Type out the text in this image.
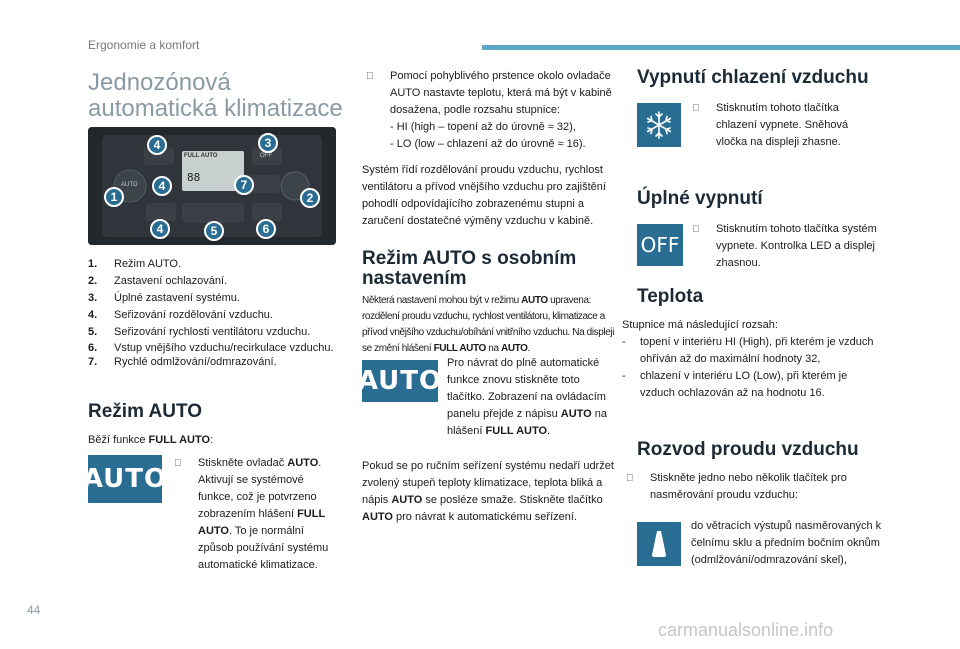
Ergonomie a komfort
Jednozónová automatická klimatizace
FULL AUTO
88
AUTO
OFF
4	3
4	7
1	2
4	5	6
1.	Režim AUTO.
2.	Zastavení ochlazování.
3.	Úplné zastavení systému.
4.	Seřizování rozdělování vzduchu.
5.	Seřizování rychlosti ventilátoru vzduchu.
6.	Vstup vnějšího vzduchu/recirkulace vzduchu.
7.	Rychlé odmlžování/odmrazování.
Režim AUTO
Běží funkce FULL AUTO:
AUTO
Stiskněte ovladač AUTO. Aktivují se systémové funkce, což je potvrzeno zobrazením hlášení FULL AUTO. To je normální způsob používání systému automatické klimatizace.
Pomocí pohyblivého prstence okolo ovladače AUTO nastavte teplotu, která má být v kabině dosažena, podle rozsahu stupnice:
- HI (high – topení až do úrovně ≈ 32),
- LO (low – chlazení až do úrovně ≈ 16).
Systém řídí rozdělování proudu vzduchu, rychlost ventilátoru a přívod vnějšího vzduchu pro zajištění pohodlí odpovídajícího zobrazenému stupni a zaručení dostatečné výměny vzduchu v kabině.
Režim AUTO s osobním nastavením
Některá nastavení mohou být v režimu AUTO upravena: rozdělení proudu vzduchu, rychlost ventilátoru, klimatizace a přívod vnějšího vzduchu/obíhání vnitřního vzduchu. Na displeji se změní hlášení FULL AUTO na AUTO.
AUTO
Pro návrat do plně automatické funkce znovu stiskněte toto tlačítko. Zobrazení na ovládacím panelu přejde z nápisu AUTO na hlášení FULL AUTO.
Pokud se po ručním seřízení systému nedaří udržet zvolený stupeň teploty klimatizace, teplota bliká a nápis AUTO se posléze smaže. Stiskněte tlačítko AUTO pro návrat k automatickému seřízení.
Vypnutí chlazení vzduchu
Stisknutím tohoto tlačítka chlazení vypnete. Sněhová vločka na displeji zhasne.
Úplné vypnutí
OFF
Stisknutím tohoto tlačítka systém vypnete. Kontrolka LED a displej zhasnou.
Teplota
Stupnice má následující rozsah:
-	topení v interiéru HI (High), při kterém je vzduch ohříván až do maximální hodnoty 32,
-	chlazení v interiéru LO (Low), při kterém je vzduch ochlazován až na hodnotu 16.
Rozvod proudu vzduchu
Stiskněte jedno nebo několik tlačítek pro nasměrování proudu vzduchu:
do větracích výstupů nasměrovaných k čelnímu sklu a předním bočním oknům (odmlžování/odmrazování skel),
44
carmanualsonline.info
